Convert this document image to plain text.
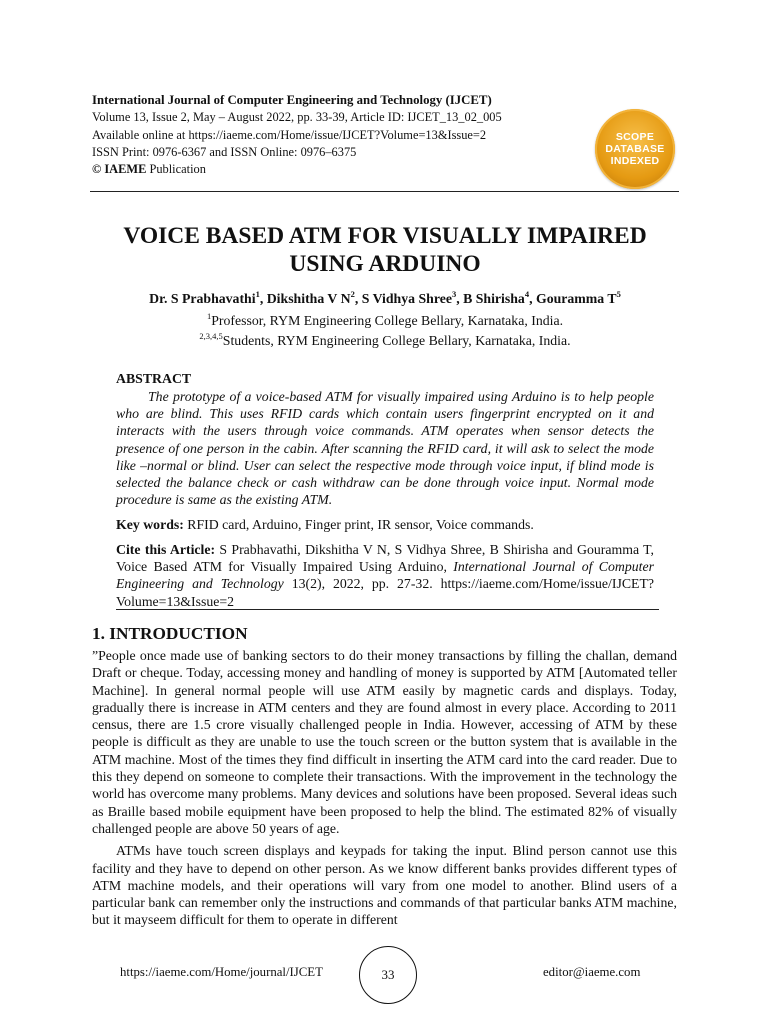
International Journal of Computer Engineering and Technology (IJCET)
Volume 13, Issue 2, May – August 2022, pp. 33-39, Article ID: IJCET_13_02_005
Available online at https://iaeme.com/Home/issue/IJCET?Volume=13&Issue=2
ISSN Print: 0976-6367 and ISSN Online: 0976–6375
© IAEME Publication
SCOPE
DATABASE
INDEXED
VOICE BASED ATM FOR VISUALLY IMPAIRED
USING ARDUINO
Dr. S Prabhavathi$^1$, Dikshitha V $N^2$, S Vidhya Shree$^3$, B Shirisha$^4$, Gouramma $T^5$
$^1$Professor, RYM Engineering College Bellary, Karnataka, India.
$^{2,3,4,5}$Students, RYM Engineering College Bellary, Karnataka, India.
ABSTRACT
The prototype of a voice-based ATM for visually impaired using Arduino is to help people who are blind. This uses RFID cards which contain users fingerprint encrypted on it and interacts with the users through voice commands. ATM operates when sensor detects the presence of one person in the cabin. After scanning the RFID card, it will ask to select the mode like –normal or blind. User can select the respective mode through voice input, if blind mode is selected the balance check or cash withdraw can be done through voice input. Normal mode procedure is same as the existing ATM.
Key words: RFID card, Arduino, Finger print, IR sensor, Voice commands.
Cite this Article: S Prabhavathi, Dikshitha V N, S Vidhya Shree, B Shirisha and Gouramma T, Voice Based ATM for Visually Impaired Using Arduino, International Journal of Computer Engineering and Technology 13(2), 2022, pp. 27-32. https://iaeme.com/Home/issue/IJCET?Volume=13&Issue=2
1. INTRODUCTION

”People once made use of banking sectors to do their money transactions by filling the challan, demand Draft or cheque. Today, accessing money and handling of money is supported by ATM [Automated teller Machine]. In general normal people will use ATM easily by magnetic cards and displays. Today, gradually there is increase in ATM centers and they are found almost in every place. According to 2011 census, there are 1.5 crore visually challenged people in India. However, accessing of ATM by these people is difficult as they are unable to use the touch screen or the button system that is available in the ATM machine. Most of the times they find difficult in inserting the ATM card into the card reader. Due to this they depend on someone to complete their transactions. With the improvement in the technology the world has overcome many problems. Many devices and solutions have been proposed. Several ideas such as Braille based mobile equipment have been proposed to help the blind. The estimated 82% of visually challenged people are above 50 years of age.

ATMs have touch screen displays and keypads for taking the input. Blind person cannot use this facility and they have to depend on other person. As we know different banks provides different types of ATM machine models, and their operations will vary from one model to another. Blind users of a particular bank can remember only the instructions and commands of that particular banks ATM machine, but it mayseem difficult for them to operate in different

https://iaeme.com/Home/journal/IJCET	33	editor@iaeme.com
